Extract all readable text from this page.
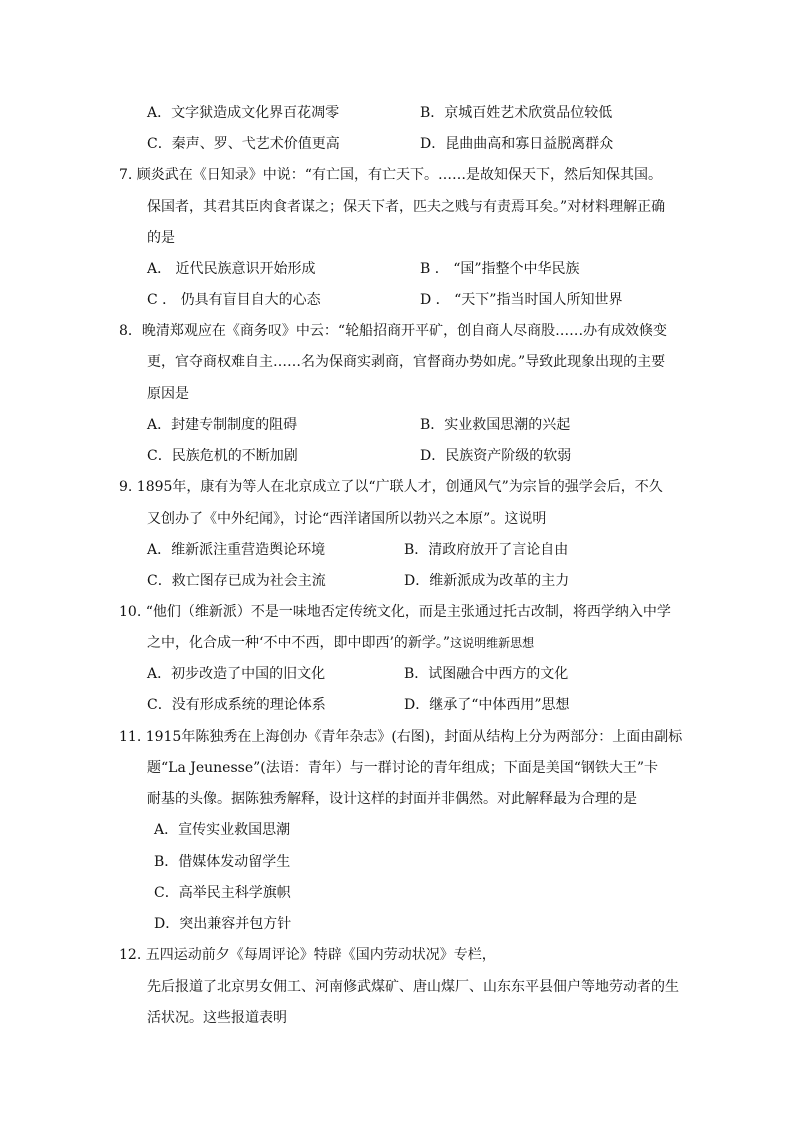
A．文字狱造成文化界百花凋零	B．京城百姓艺术欣赏品位较低
C．秦声、罗、弋艺术价值更高	D．昆曲曲高和寡日益脱离群众
7. 顾炎武在《日知录》中说：“有亡国，有亡天下。……是故知保天下，然后知保其国。
保国者，其君其臣肉食者谋之；保天下者，匹夫之贱与有责焉耳矣。”对材料理解正确
的是
A． 近代民族意识开始形成	B ． “国”指整个中华民族
C ． 仍具有盲目自大的心态	D ． “天下”指当时国人所知世界
8．晚清郑观应在《商务叹》中云：“轮船招商开平矿，创自商人尽商股……办有成效倏变
更，官夺商权难自主……名为保商实剥商，官督商办势如虎。”导致此现象出现的主要
原因是
A．封建专制制度的阻碍	B．实业救国思潮的兴起
C．民族危机的不断加剧	D．民族资产阶级的软弱
9. 1895年，康有为等人在北京成立了以“广联人才，创通风气”为宗旨的强学会后，不久
又创办了《中外纪闻》，讨论“西洋诸国所以勃兴之本原”。这说明
A．维新派注重营造舆论环境	B．清政府放开了言论自由
C．救亡图存已成为社会主流	D．维新派成为改革的主力
10. “他们（维新派）不是一味地否定传统文化，而是主张通过托古改制，将西学纳入中学
之中，化合成一种‘不中不西，即中即西’的新学。”这说明维新思想
A．初步改造了中国的旧文化	B．试图融合中西方的文化
C．没有形成系统的理论体系	D．继承了“中体西用”思想
11. 1915年陈独秀在上海创办《青年杂志》(右图)，封面从结构上分为两部分：上面由副标
题“La Jeunesse”(法语：青年）与一群讨论的青年组成；下面是美国“钢铁大王”卡
耐基的头像。据陈独秀解释，设计这样的封面并非偶然。对此解释最为合理的是
A．宣传实业救国思潮
B．借媒体发动留学生
C．高举民主科学旗帜
D．突出兼容并包方针
12. 五四运动前夕《每周评论》特辟《国内劳动状况》专栏，
先后报道了北京男女佣工、河南修武煤矿、唐山煤厂、山东东平县佃户等地劳动者的生
活状况。这些报道表明
